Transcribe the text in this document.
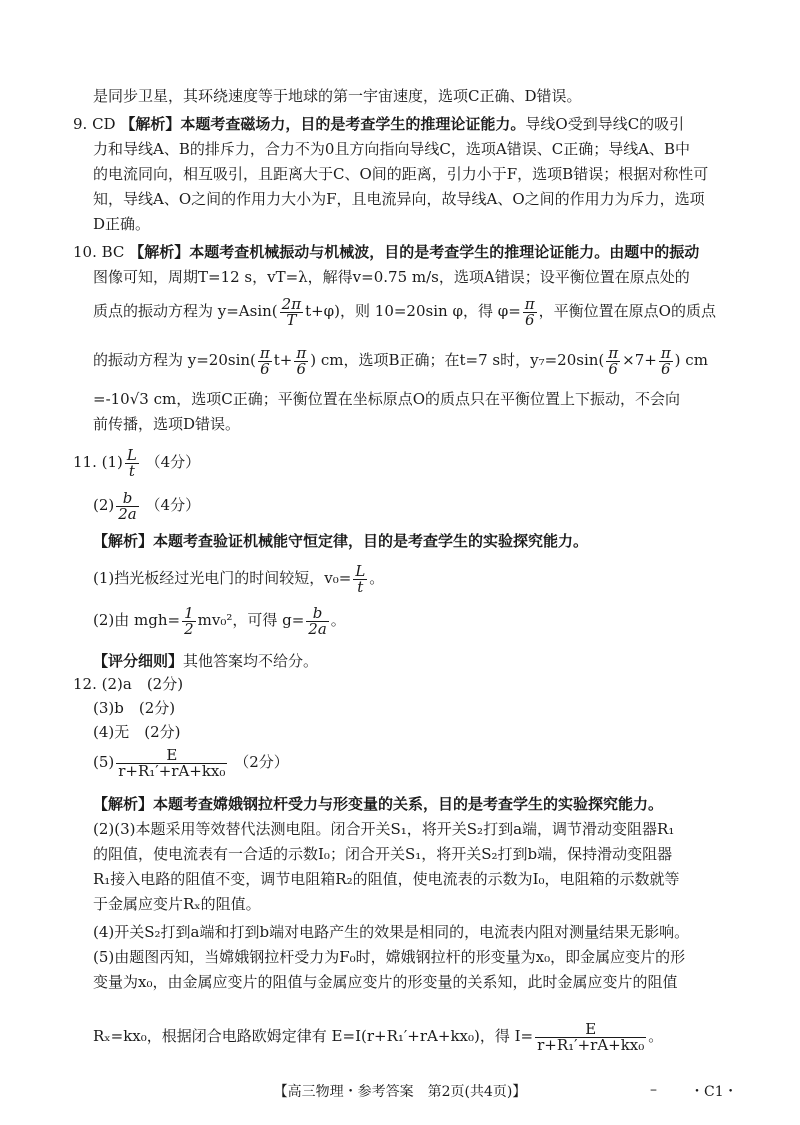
是同步卫星，其环绕速度等于地球的第一宇宙速度，选项C正确、D错误。
9. CD 【解析】本题考查磁场力，目的是考查学生的推理论证能力。导线O受到导线C的吸引
力和导线A、B的排斥力，合力不为0且方向指向导线C，选项A错误、C正确；导线A、B中
的电流同向，相互吸引，且距离大于C、O间的距离，引力小于F，选项B错误；根据对称性可
知，导线A、O之间的作用力大小为F，且电流异向，故导线A、O之间的作用力为斥力，选项
D正确。
10. BC 【解析】本题考查机械振动与机械波，目的是考查学生的推理论证能力。由题中的振动
图像可知，周期T=12 s，vT=λ，解得v=0.75 m/s，选项A错误；设平衡位置在原点处的
质点的振动方程为 $y=Asin( \frac{2\pi}{T} t+\varphi)$，则 10=20sin φ，得 $\varphi= \frac{\pi}{6}$ ，平衡位置在原点O的质点
的振动方程为 $y=20\sin( \frac{\pi}{6} t+ \frac{\pi}{6}$ ) cm，选项B正确；在t=7 s时，$y_7=20\sin( \frac{\pi}{6} \times 7+ \frac{\pi}{6}$ ) cm
=-10√3 cm，选项C正确；平衡位置在坐标原点O的质点只在平衡位置上下振动，不会向
前传播，选项D错误。
11. $(1) \frac{L}{t} (4$分）
$(2) \frac{b}{2a} (4$分）
【解析】本题考查验证机械能守恒定律，目的是考查学生的实验探究能力。
(1)挡光板经过光电门的时间较短，$v_0= \frac{L}{t}$ 。
(2)由 $mgh= \frac{1}{2} mv_0^2$，可得 $g= \frac{b}{2a}$ 。
【评分细则】其他答案均不给分。
12. (2)a　(2分)
(3)b　(2分)
(4)无　(2分)
$(5) \frac{E}{\text{r+R₁′+rA+kx₀}} (2$分）
【解析】本题考查嫦娥钢拉杆受力与形变量的关系，目的是考查学生的实验探究能力。
(2)(3)本题采用等效替代法测电阻。闭合开关S₁，将开关S₂打到a端，调节滑动变阻器R₁
的阻值，使电流表有一合适的示数I₀；闭合开关S₁，将开关S₂打到b端，保持滑动变阻器
R₁接入电路的阻值不变，调节电阻箱R₂的阻值，使电流表的示数为I₀，电阻箱的示数就等
于金属应变片Rₓ的阻值。
(4)开关S₂打到a端和打到b端对电路产生的效果是相同的，电流表内阻对测量结果无影响。
(5)由题图丙知，当嫦娥钢拉杆受力为F₀时，嫦娥钢拉杆的形变量为x₀，即金属应变片的形
变量为x₀，由金属应变片的阻值与金属应变片的形变量的关系知，此时金属应变片的阻值
Rₓ=kx₀，根据闭合电路欧姆定律有 E=I(r+R₁′+rA+kx₀)，得 $I= \frac{E}{\text{r+R₁′+rA+kx₀}}$ 。
【高三物理・参考答案　第2页(共4页)】	– ・C1・
